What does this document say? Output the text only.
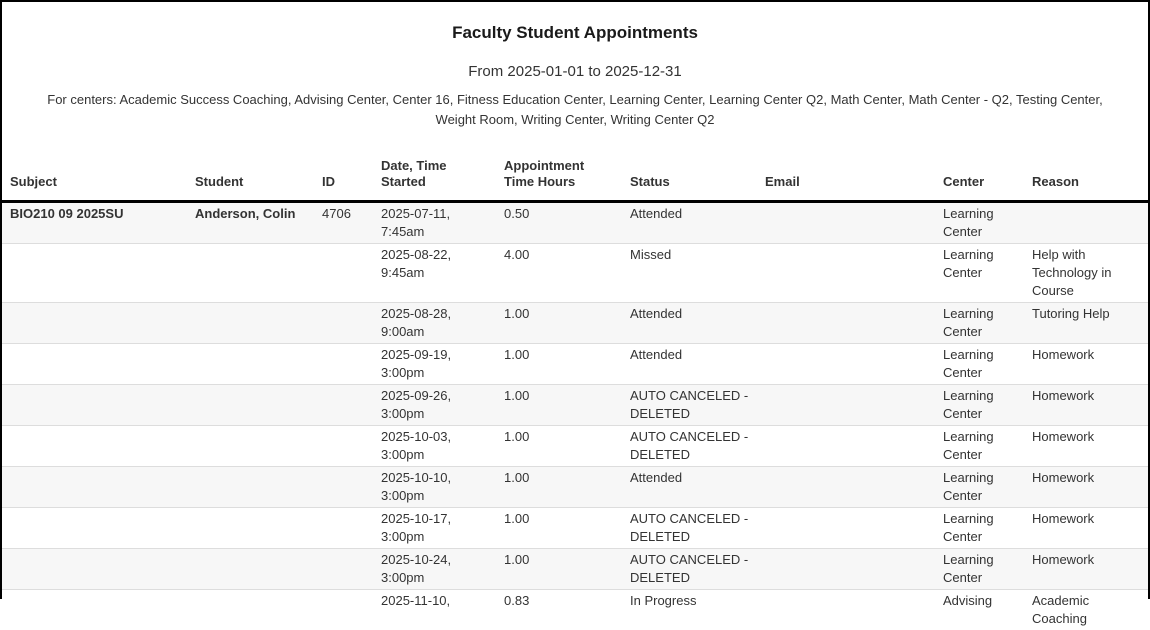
Faculty Student Appointments
From 2025-01-01 to 2025-12-31
For centers: Academic Success Coaching, Advising Center, Center 16, Fitness Education Center, Learning Center, Learning Center Q2, Math Center, Math Center - Q2, Testing Center, Weight Room, Writing Center, Writing Center Q2
Subject	Student	ID	Date, Time Started	Appointment Time Hours	Status	Email	Center	Reason
BIO210 09 2025SU	Anderson, Colin	4706	2025-07-11, 7:45am	0.50	Attended		Learning Center	
			2025-08-22, 9:45am	4.00	Missed		Learning Center	Help with Technology in Course
			2025-08-28, 9:00am	1.00	Attended		Learning Center	Tutoring Help
			2025-09-19, 3:00pm	1.00	Attended		Learning Center	Homework
			2025-09-26, 3:00pm	1.00	AUTO CANCELED - DELETED		Learning Center	Homework
			2025-10-03, 3:00pm	1.00	AUTO CANCELED - DELETED		Learning Center	Homework
			2025-10-10, 3:00pm	1.00	Attended		Learning Center	Homework
			2025-10-17, 3:00pm	1.00	AUTO CANCELED - DELETED		Learning Center	Homework
			2025-10-24, 3:00pm	1.00	AUTO CANCELED - DELETED		Learning Center	Homework
			2025-11-10,	0.83	In Progress		Advising	Academic Coaching
